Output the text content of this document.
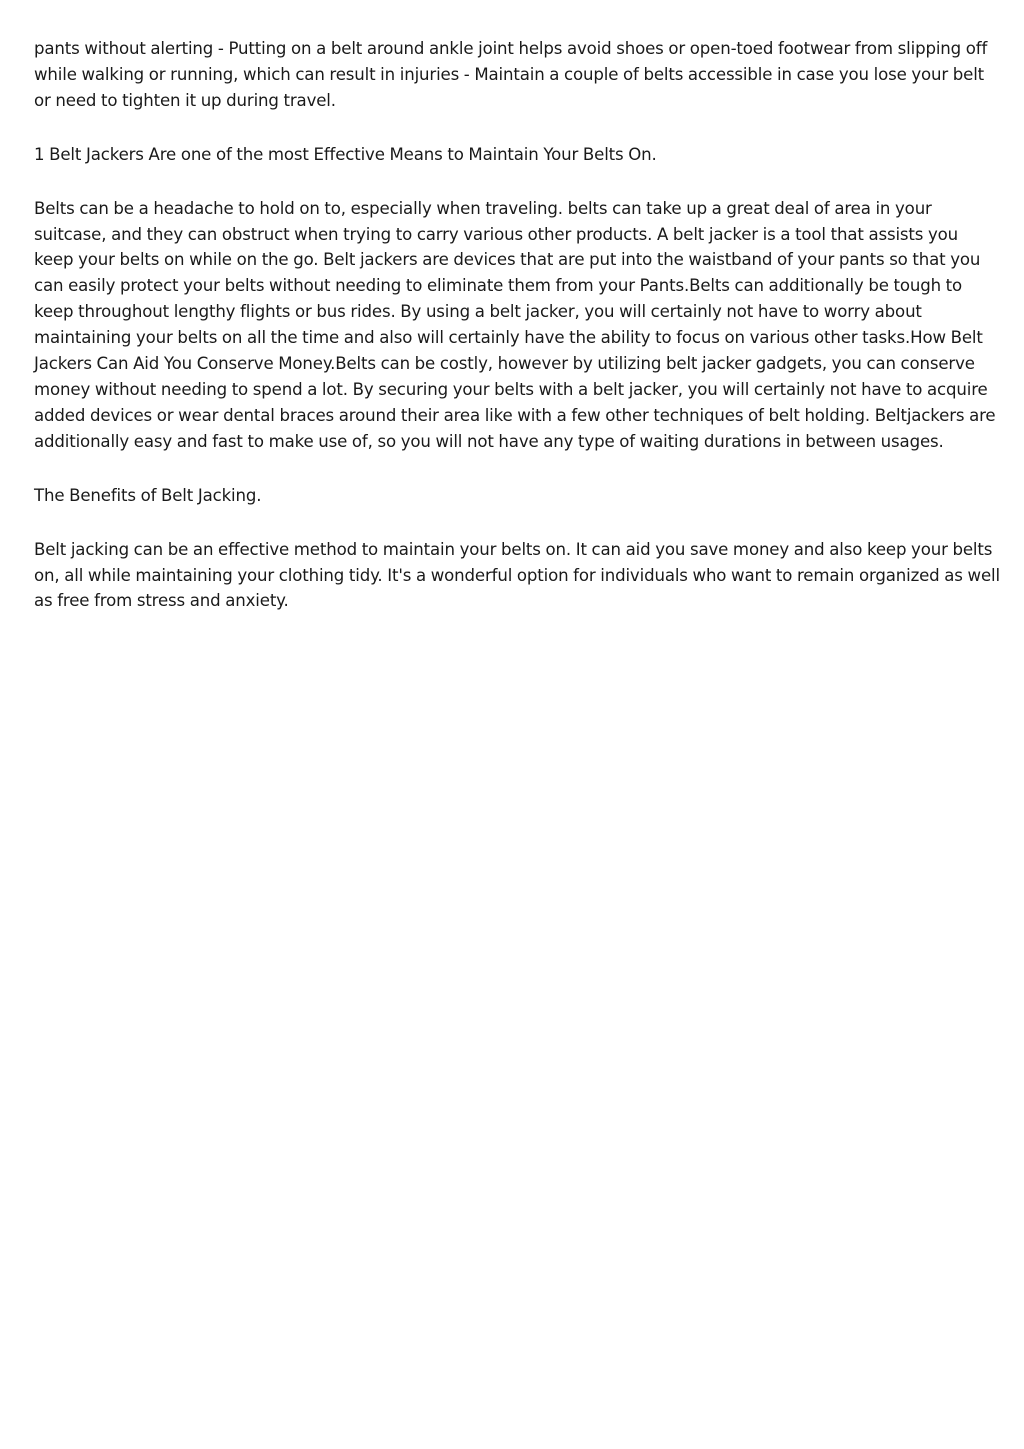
pants without alerting - Putting on a belt around ankle joint helps avoid shoes or open-toed footwear from slipping off while walking or running, which can result in injuries - Maintain a couple of belts accessible in case you lose your belt or need to tighten it up during travel.

1 Belt Jackers Are one of the most Effective Means to Maintain Your Belts On.

Belts can be a headache to hold on to, especially when traveling. belts can take up a great deal of area in your suitcase, and they can obstruct when trying to carry various other products. A belt jacker is a tool that assists you keep your belts on while on the go. Belt jackers are devices that are put into the waistband of your pants so that you can easily protect your belts without needing to eliminate them from your Pants.Belts can additionally be tough to keep throughout lengthy flights or bus rides. By using a belt jacker, you will certainly not have to worry about maintaining your belts on all the time and also will certainly have the ability to focus on various other tasks.How Belt Jackers Can Aid You Conserve Money.Belts can be costly, however by utilizing belt jacker gadgets, you can conserve money without needing to spend a lot. By securing your belts with a belt jacker, you will certainly not have to acquire added devices or wear dental braces around their area like with a few other techniques of belt holding. Beltjackers are additionally easy and fast to make use of, so you will not have any type of waiting durations in between usages.

The Benefits of Belt Jacking.

Belt jacking can be an effective method to maintain your belts on. It can aid you save money and also keep your belts on, all while maintaining your clothing tidy. It's a wonderful option for individuals who want to remain organized as well as free from stress and anxiety.
